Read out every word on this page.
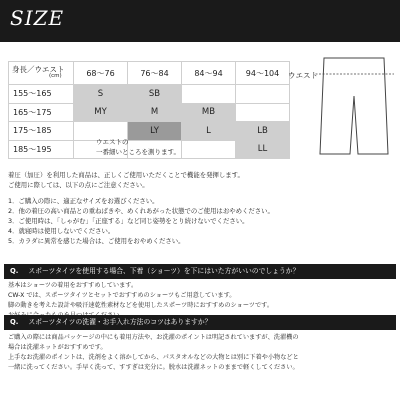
SIZE
身長／ウエスト
(cm)	68〜76	76〜84	84〜94	94〜104
155〜165	S	SB		
165〜175	MY	M	MB	
175〜185		LY	L	LB
185〜195				LL
ウエスト
ウエストの
一番細いところを測ります。

着圧（加圧）を利用した商品は、正しくご使用いただくことで機能を発揮します。

ご使用に際しては、以下の点にご注意ください。

1．ご購入の際に、適正なサイズをお選びください。

2．他の着圧の高い商品との重ねばきや、めくれあがった状態でのご使用はおやめください。

3．ご使用時は、「しゃがむ」「正座する」など同じ姿勢をとり続けないでください。

4．就寝時は使用しないでください。

5．カラダに異常を感じた場合は、ご使用をおやめください。

Q. スポーツタイツを使用する場合、下着（ショーツ）を下にはいた方がいいのでしょうか？

基本はショーツの着用をおすすめしています。

CW-X では、スポーツタイツとセットでおすすめのショーツもご用意しています。

脚の動きを考えた設計や吸汗速乾性素材などを使用したスポーツ時におすすめのショーツです。

Q. スポーツタイツの洗濯・お手入れ方法のコツはありますか？

ご購入の際には商品パッケージの中にも着用方法や、お洗濯のポイントは明記されていますが、洗濯機の

場合は洗濯ネットがおすすめです。

上手なお洗濯のポイントは、洗剤をよく溶かしてから、パスタオルなどの大物とは別に下着や小物などと

一緒に洗ってください。手早く洗って、すすぎは充分に。脱水は洗濯ネットのままで軽くしてください。
